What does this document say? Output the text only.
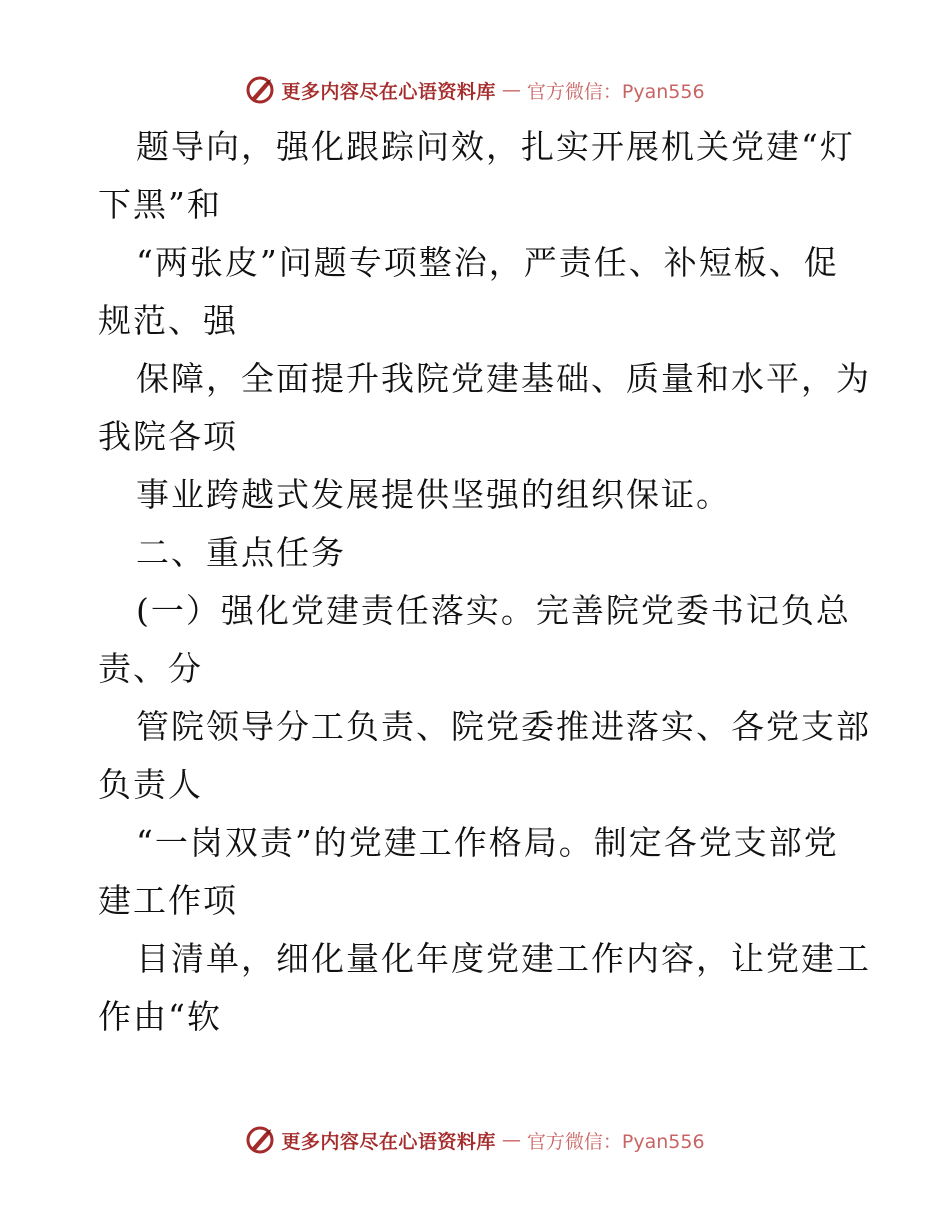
更多内容尽在心语资料库 — 官方微信：Pyan556
题导向，强化跟踪问效，扎实开展机关党建“灯
下黑”和
“两张皮”问题专项整治，严责任、补短板、促
规范、强
保障，全面提升我院党建基础、质量和水平，为
我院各项
事业跨越式发展提供坚强的组织保证。
二、重点任务
(一）强化党建责任落实。完善院党委书记负总
责、分
管院领导分工负责、院党委推进落实、各党支部
负责人
“一岗双责”的党建工作格局。制定各党支部党
建工作项
目清单，细化量化年度党建工作内容，让党建工
作由“软
更多内容尽在心语资料库 — 官方微信：Pyan556
